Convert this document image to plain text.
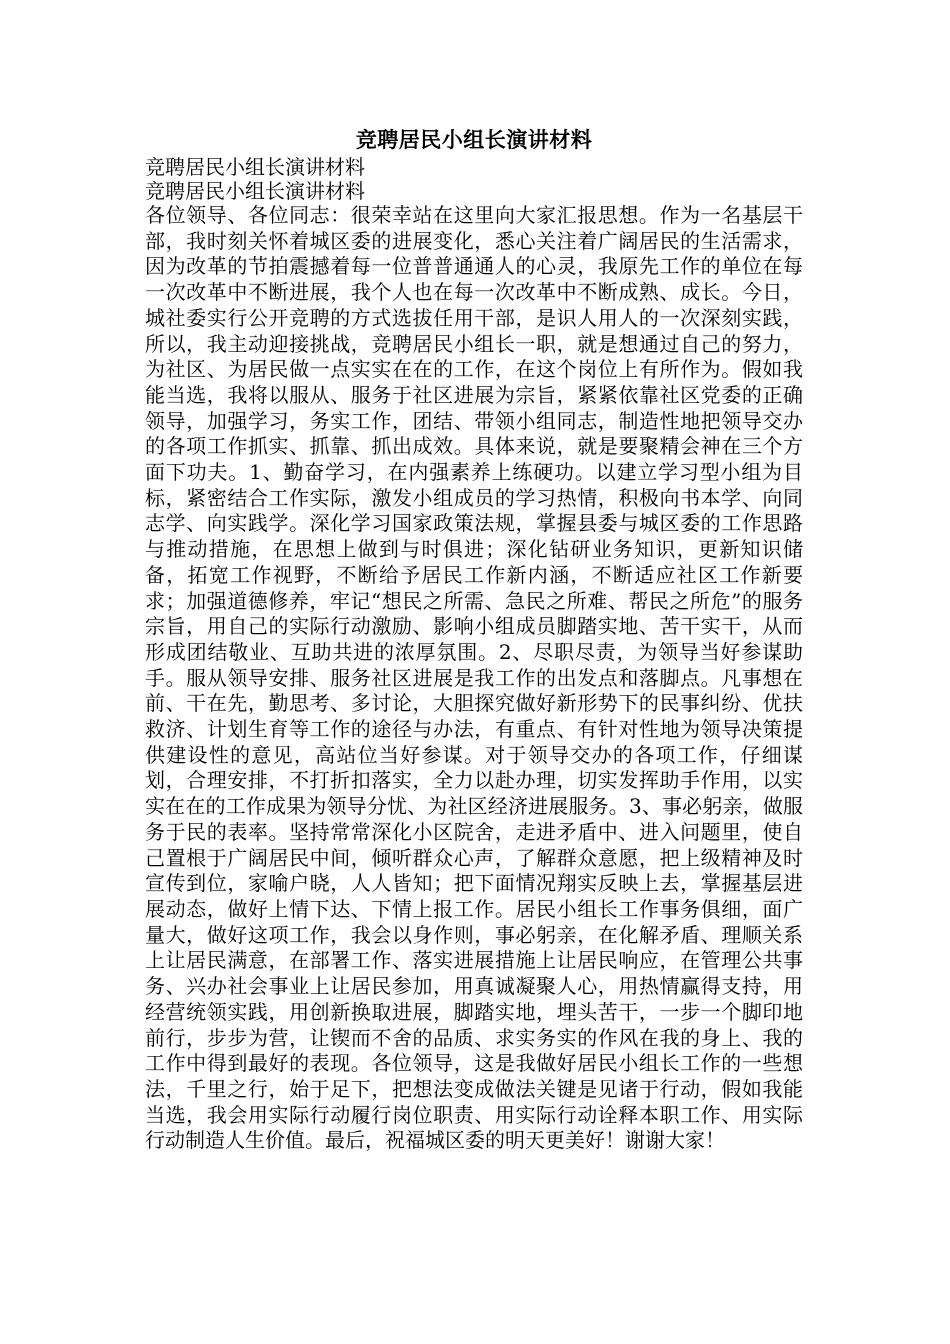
竞聘居民小组长演讲材料

竞聘居民小组长演讲材料

竞聘居民小组长演讲材料

各位领导、各位同志：很荣幸站在这里向大家汇报思想。作为一名基层干部，我时刻关怀着城区委的进展变化，悉心关注着广阔居民的生活需求，因为改革的节拍震撼着每一位普普通通人的心灵，我原先工作的单位在每一次改革中不断进展，我个人也在每一次改革中不断成熟、成长。今日，城社委实行公开竞聘的方式选拔任用干部，是识人用人的一次深刻实践，所以，我主动迎接挑战，竞聘居民小组长一职，就是想通过自己的努力，为社区、为居民做一点实实在在的工作，在这个岗位上有所作为。假如我能当选，我将以服从、服务于社区进展为宗旨，紧紧依靠社区党委的正确领导，加强学习，务实工作，团结、带领小组同志，制造性地把领导交办的各项工作抓实、抓靠、抓出成效。具体来说，就是要聚精会神在三个方面下功夫。1、勤奋学习，在内强素养上练硬功。以建立学习型小组为目标，紧密结合工作实际，激发小组成员的学习热情，积极向书本学、向同志学、向实践学。深化学习国家政策法规，掌握县委与城区委的工作思路与推动措施，在思想上做到与时俱进；深化钻研业务知识，更新知识储备，拓宽工作视野，不断给予居民工作新内涵，不断适应社区工作新要求；加强道德修养，牢记“想民之所需、急民之所难、帮民之所危”的服务宗旨，用自己的实际行动激励、影响小组成员脚踏实地、苦干实干，从而形成团结敬业、互助共进的浓厚氛围。2、尽职尽责，为领导当好参谋助手。服从领导安排、服务社区进展是我工作的出发点和落脚点。凡事想在前、干在先，勤思考、多讨论，大胆探究做好新形势下的民事纠纷、优扶救济、计划生育等工作的途径与办法，有重点、有针对性地为领导决策提供建设性的意见，高站位当好参谋。对于领导交办的各项工作，仔细谋划，合理安排，不打折扣落实，全力以赴办理，切实发挥助手作用，以实实在在的工作成果为领导分忧、为社区经济进展服务。3、事必躬亲，做服务于民的表率。坚持常常深化小区院舍，走进矛盾中、进入问题里，使自己置根于广阔居民中间，倾听群众心声，了解群众意愿，把上级精神及时宣传到位，家喻户晓，人人皆知；把下面情况翔实反映上去，掌握基层进展动态，做好上情下达、下情上报工作。居民小组长工作事务俱细，面广量大，做好这项工作，我会以身作则，事必躬亲，在化解矛盾、理顺关系上让居民满意，在部署工作、落实进展措施上让居民响应，在管理公共事务、兴办社会事业上让居民参加，用真诚凝聚人心，用热情赢得支持，用经营统领实践，用创新换取进展，脚踏实地，埋头苦干，一步一个脚印地前行，步步为营，让锲而不舍的品质、求实务实的作风在我的身上、我的工作中得到最好的表现。各位领导，这是我做好居民小组长工作的一些想法，千里之行，始于足下，把想法变成做法关键是见诸于行动，假如我能当选，我会用实际行动履行岗位职责、用实际行动诠释本职工作、用实际行动制造人生价值。最后，祝福城区委的明天更美好！谢谢大家！
